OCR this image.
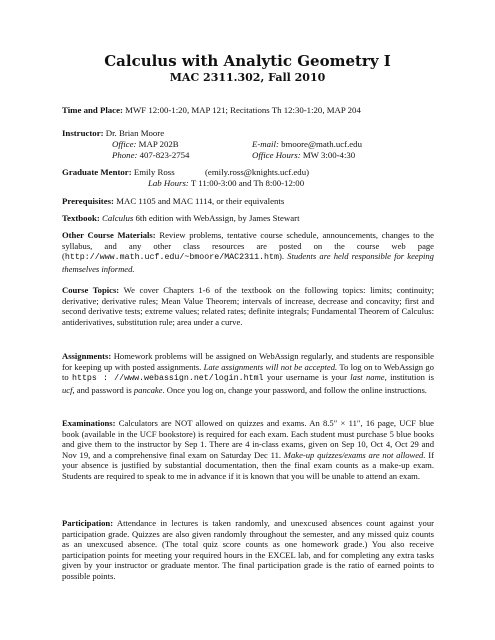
Calculus with Analytic Geometry I
MAC 2311.302, Fall 2010
Time and Place: MWF 12:00-1:20, MAP 121; Recitations Th 12:30-1:20, MAP 204
Instructor: Dr. Brian Moore
Office: MAP 202B	E-mail: bmoore@math.ucf.edu
Phone: 407-823-2754	Office Hours: MW 3:00-4:30
Graduate Mentor: Emily Ross	(emily.ross@knights.ucf.edu)
Lab Hours: T 11:00-3:00 and Th 8:00-12:00
Prerequisites: MAC 1105 and MAC 1114, or their equivalents
Textbook: Calculus 6th edition with WebAssign, by James Stewart
Other Course Materials: Review problems, tentative course schedule, announcements, changes to the syllabus, and any other class resources are posted on the course web page (http://www.math.ucf.edu/~bmoore/MAC2311.htm). Students are held responsible for keeping themselves informed.
Course Topics: We cover Chapters 1-6 of the textbook on the following topics: limits; continuity; derivative; derivative rules; Mean Value Theorem; intervals of increase, decrease and concavity; first and second derivative tests; extreme values; related rates; definite integrals; Fundamental Theorem of Calculus: antiderivatives, substitution rule; area under a curve.
Assignments: Homework problems will be assigned on WebAssign regularly, and students are responsible for keeping up with posted assignments. Late assignments will not be accepted. To log on to WebAssign go to https : //www.webassign.net/login.html your username is your last name, institution is ucf, and password is pancake. Once you log on, change your password, and follow the online instructions.
Examinations: Calculators are NOT allowed on quizzes and exams. An 8.5″ × 11″, 16 page, UCF blue book (available in the UCF bookstore) is required for each exam. Each student must purchase 5 blue books and give them to the instructor by Sep 1. There are 4 in-class exams, given on Sep 10, Oct 4, Oct 29 and Nov 19, and a comprehensive final exam on Saturday Dec 11. Make-up quizzes/exams are not allowed. If your absence is justified by substantial documentation, then the final exam counts as a make-up exam. Students are required to speak to me in advance if it is known that you will be unable to attend an exam.
Participation: Attendance in lectures is taken randomly, and unexcused absences count against your participation grade. Quizzes are also given randomly throughout the semester, and any missed quiz counts as an unexcused absence. (The total quiz score counts as one homework grade.) You also receive participation points for meeting your required hours in the EXCEL lab, and for completing any extra tasks given by your instructor or graduate mentor. The final participation grade is the ratio of earned points to possible points.
